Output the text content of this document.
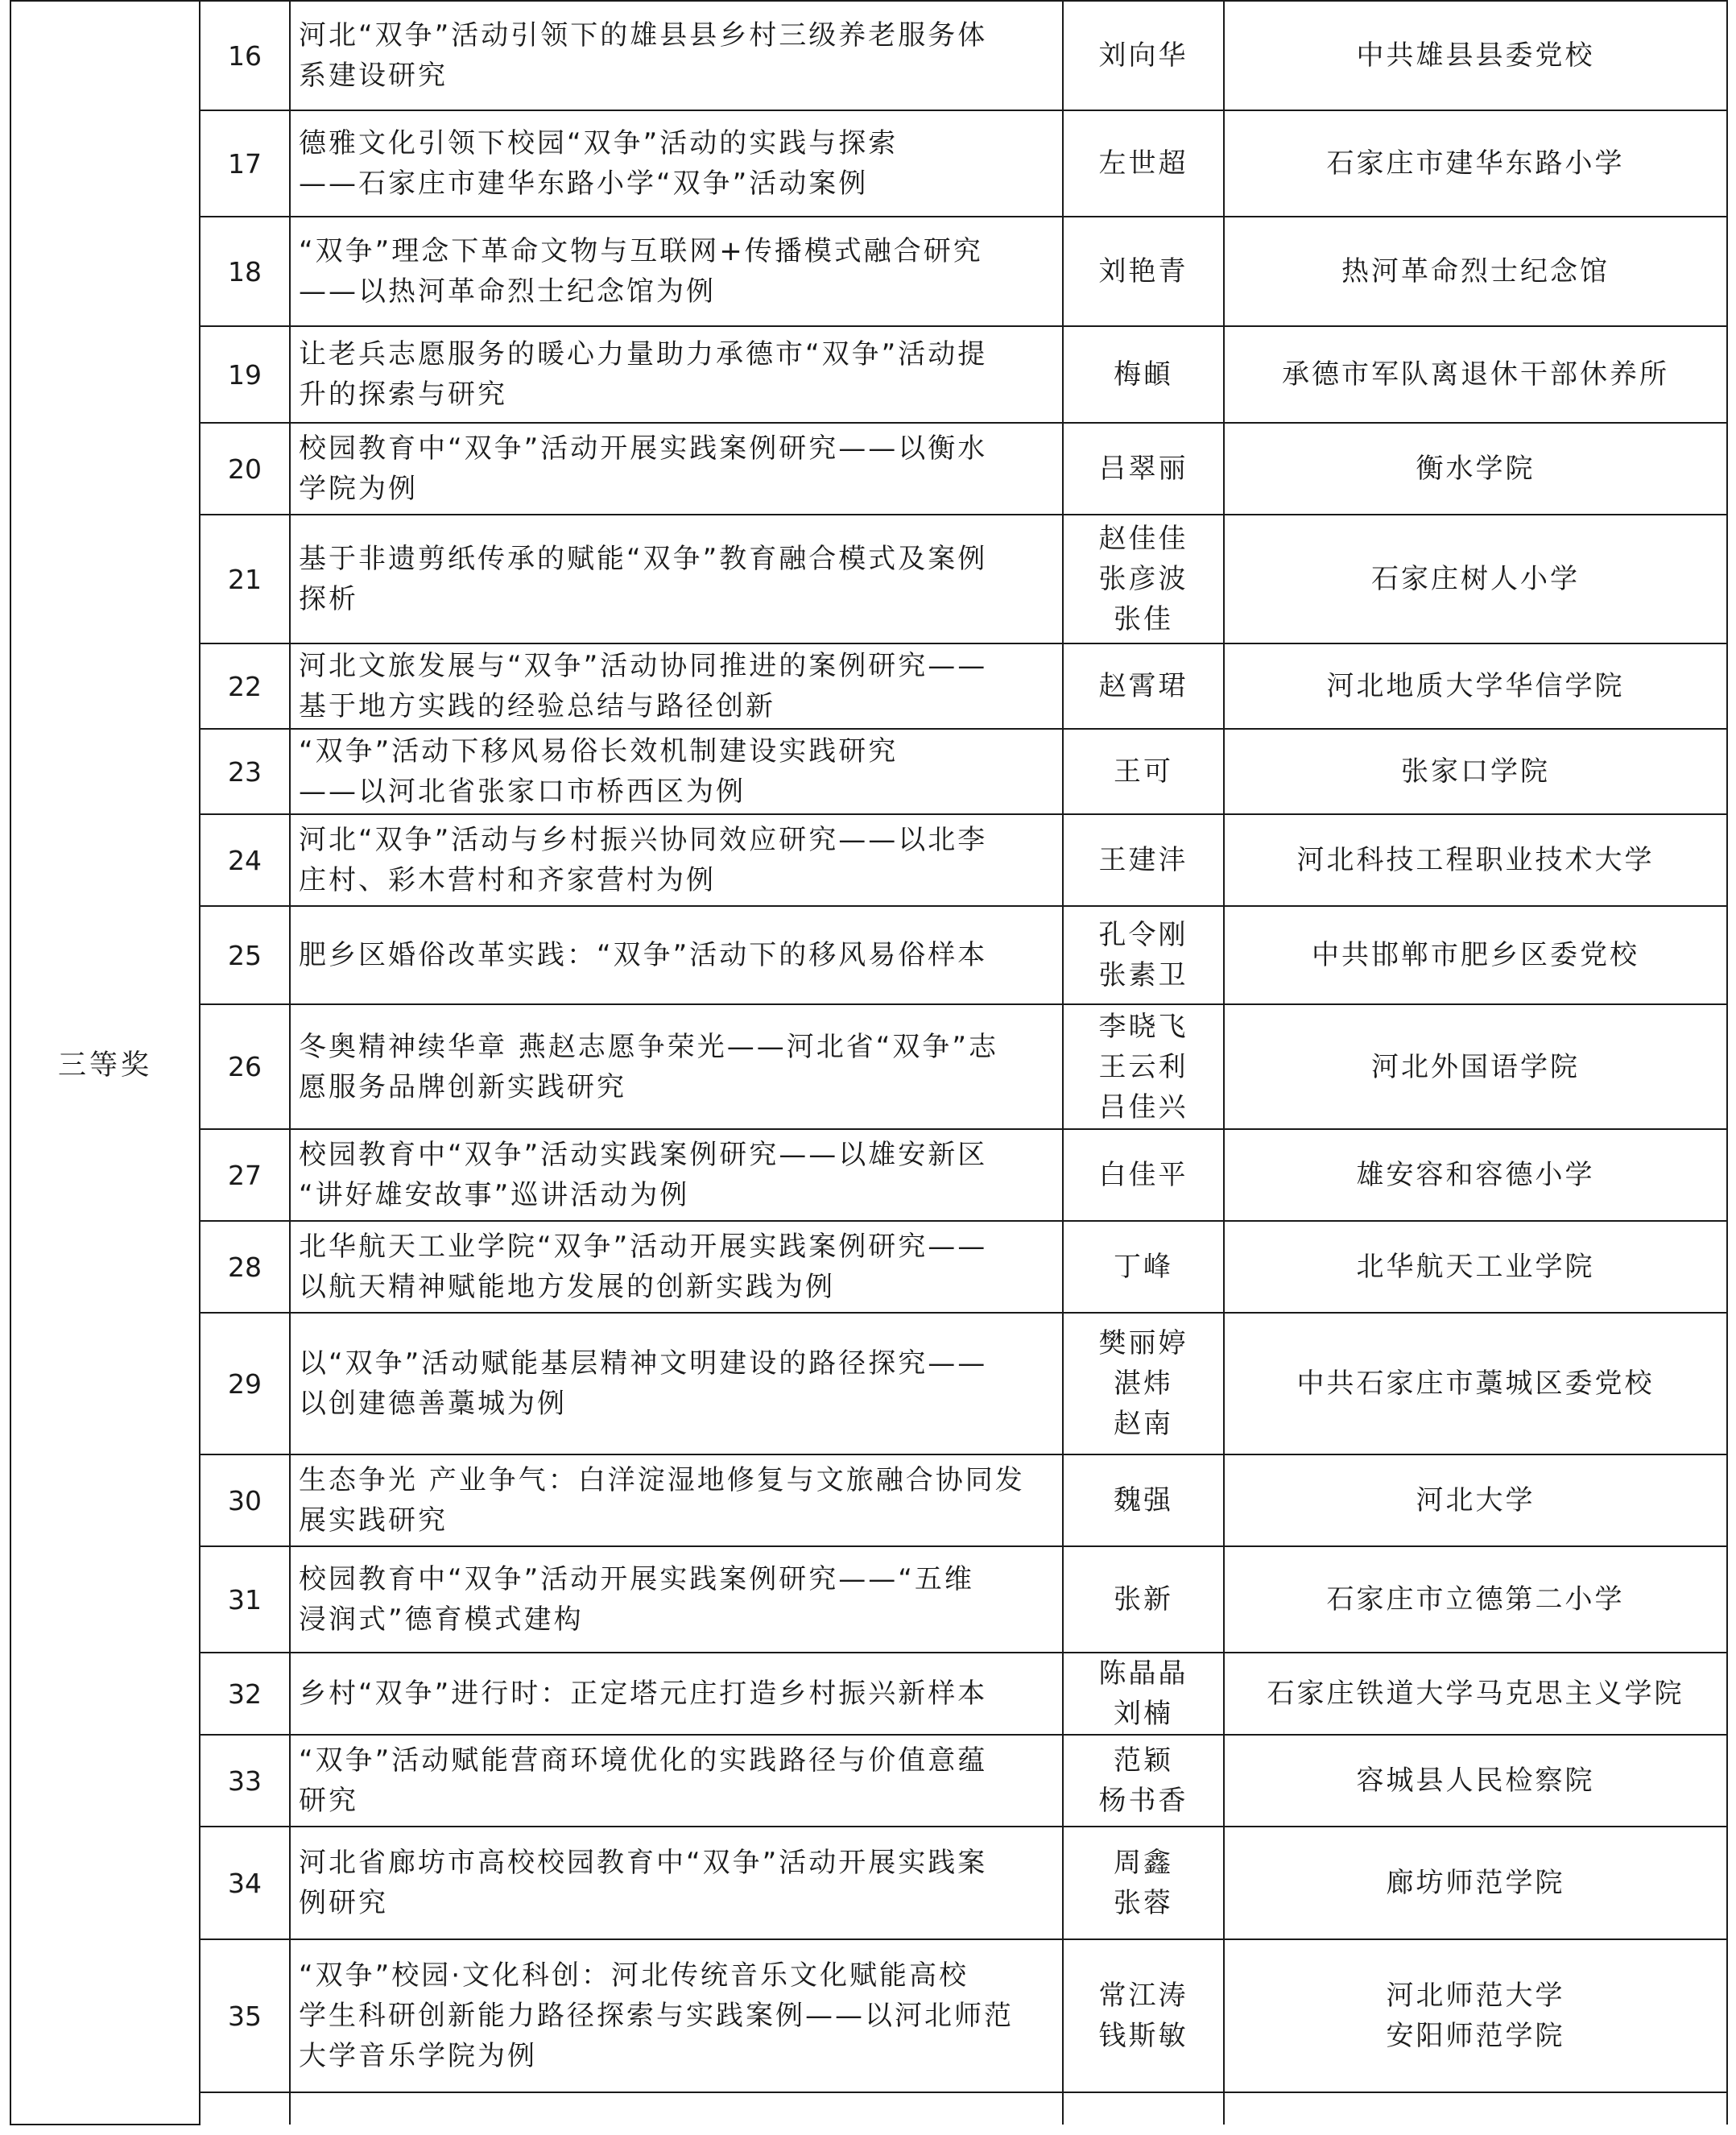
三等奖	16	河北“双争”活动引领下的雄县县乡村三级养老服务体
系建设研究	刘向华	中共雄县县委党校

	17	德雅文化引领下校园“双争”活动的实践与探索
——石家庄市建华东路小学“双争”活动案例	左世超	石家庄市建华东路小学

	18	“双争”理念下革命文物与互联网+传播模式融合研究
——以热河革命烈士纪念馆为例	刘艳青	热河革命烈士纪念馆

	19	让老兵志愿服务的暖心力量助力承德市“双争”活动提
升的探索与研究	梅頔	承德市军队离退休干部休养所

	20	校园教育中“双争”活动开展实践案例研究——以衡水
学院为例	吕翠丽	衡水学院

	21	基于非遗剪纸传承的赋能“双争”教育融合模式及案例
探析	赵佳佳
张彦波
张佳	石家庄树人小学

	22	河北文旅发展与“双争”活动协同推进的案例研究——
基于地方实践的经验总结与路径创新	赵霄珺	河北地质大学华信学院

	23	“双争”活动下移风易俗长效机制建设实践研究
——以河北省张家口市桥西区为例	王可	张家口学院

	24	河北“双争”活动与乡村振兴协同效应研究——以北李
庄村、彩木营村和齐家营村为例	王建沣	河北科技工程职业技术大学

	25	肥乡区婚俗改革实践：“双争”活动下的移风易俗样本	孔令刚
张素卫	中共邯郸市肥乡区委党校

	26	冬奥精神续华章 燕赵志愿争荣光——河北省“双争”志
愿服务品牌创新实践研究	李晓飞
王云利
吕佳兴	河北外国语学院

	27	校园教育中“双争”活动实践案例研究——以雄安新区
“讲好雄安故事”巡讲活动为例	白佳平	雄安容和容德小学

	28	北华航天工业学院“双争”活动开展实践案例研究——
以航天精神赋能地方发展的创新实践为例	丁峰	北华航天工业学院

	29	以“双争”活动赋能基层精神文明建设的路径探究——
以创建德善藁城为例	樊丽婷
湛炜
赵南	中共石家庄市藁城区委党校

	30	生态争光 产业争气：白洋淀湿地修复与文旅融合协同发
展实践研究	魏强	河北大学

	31	校园教育中“双争”活动开展实践案例研究——“五维
浸润式”德育模式建构	张新	石家庄市立德第二小学

	32	乡村“双争”进行时：正定塔元庄打造乡村振兴新样本	陈晶晶
刘楠	石家庄铁道大学马克思主义学院

	33	“双争”活动赋能营商环境优化的实践路径与价值意蕴
研究	范颖
杨书香	容城县人民检察院

	34	河北省廊坊市高校校园教育中“双争”活动开展实践案
例研究	周鑫
张蓉	廊坊师范学院

	35	“双争”校园·文化科创：河北传统音乐文化赋能高校
学生科研创新能力路径探索与实践案例——以河北师范
大学音乐学院为例	常江涛
钱斯敏	河北师范大学
安阳师范学院
